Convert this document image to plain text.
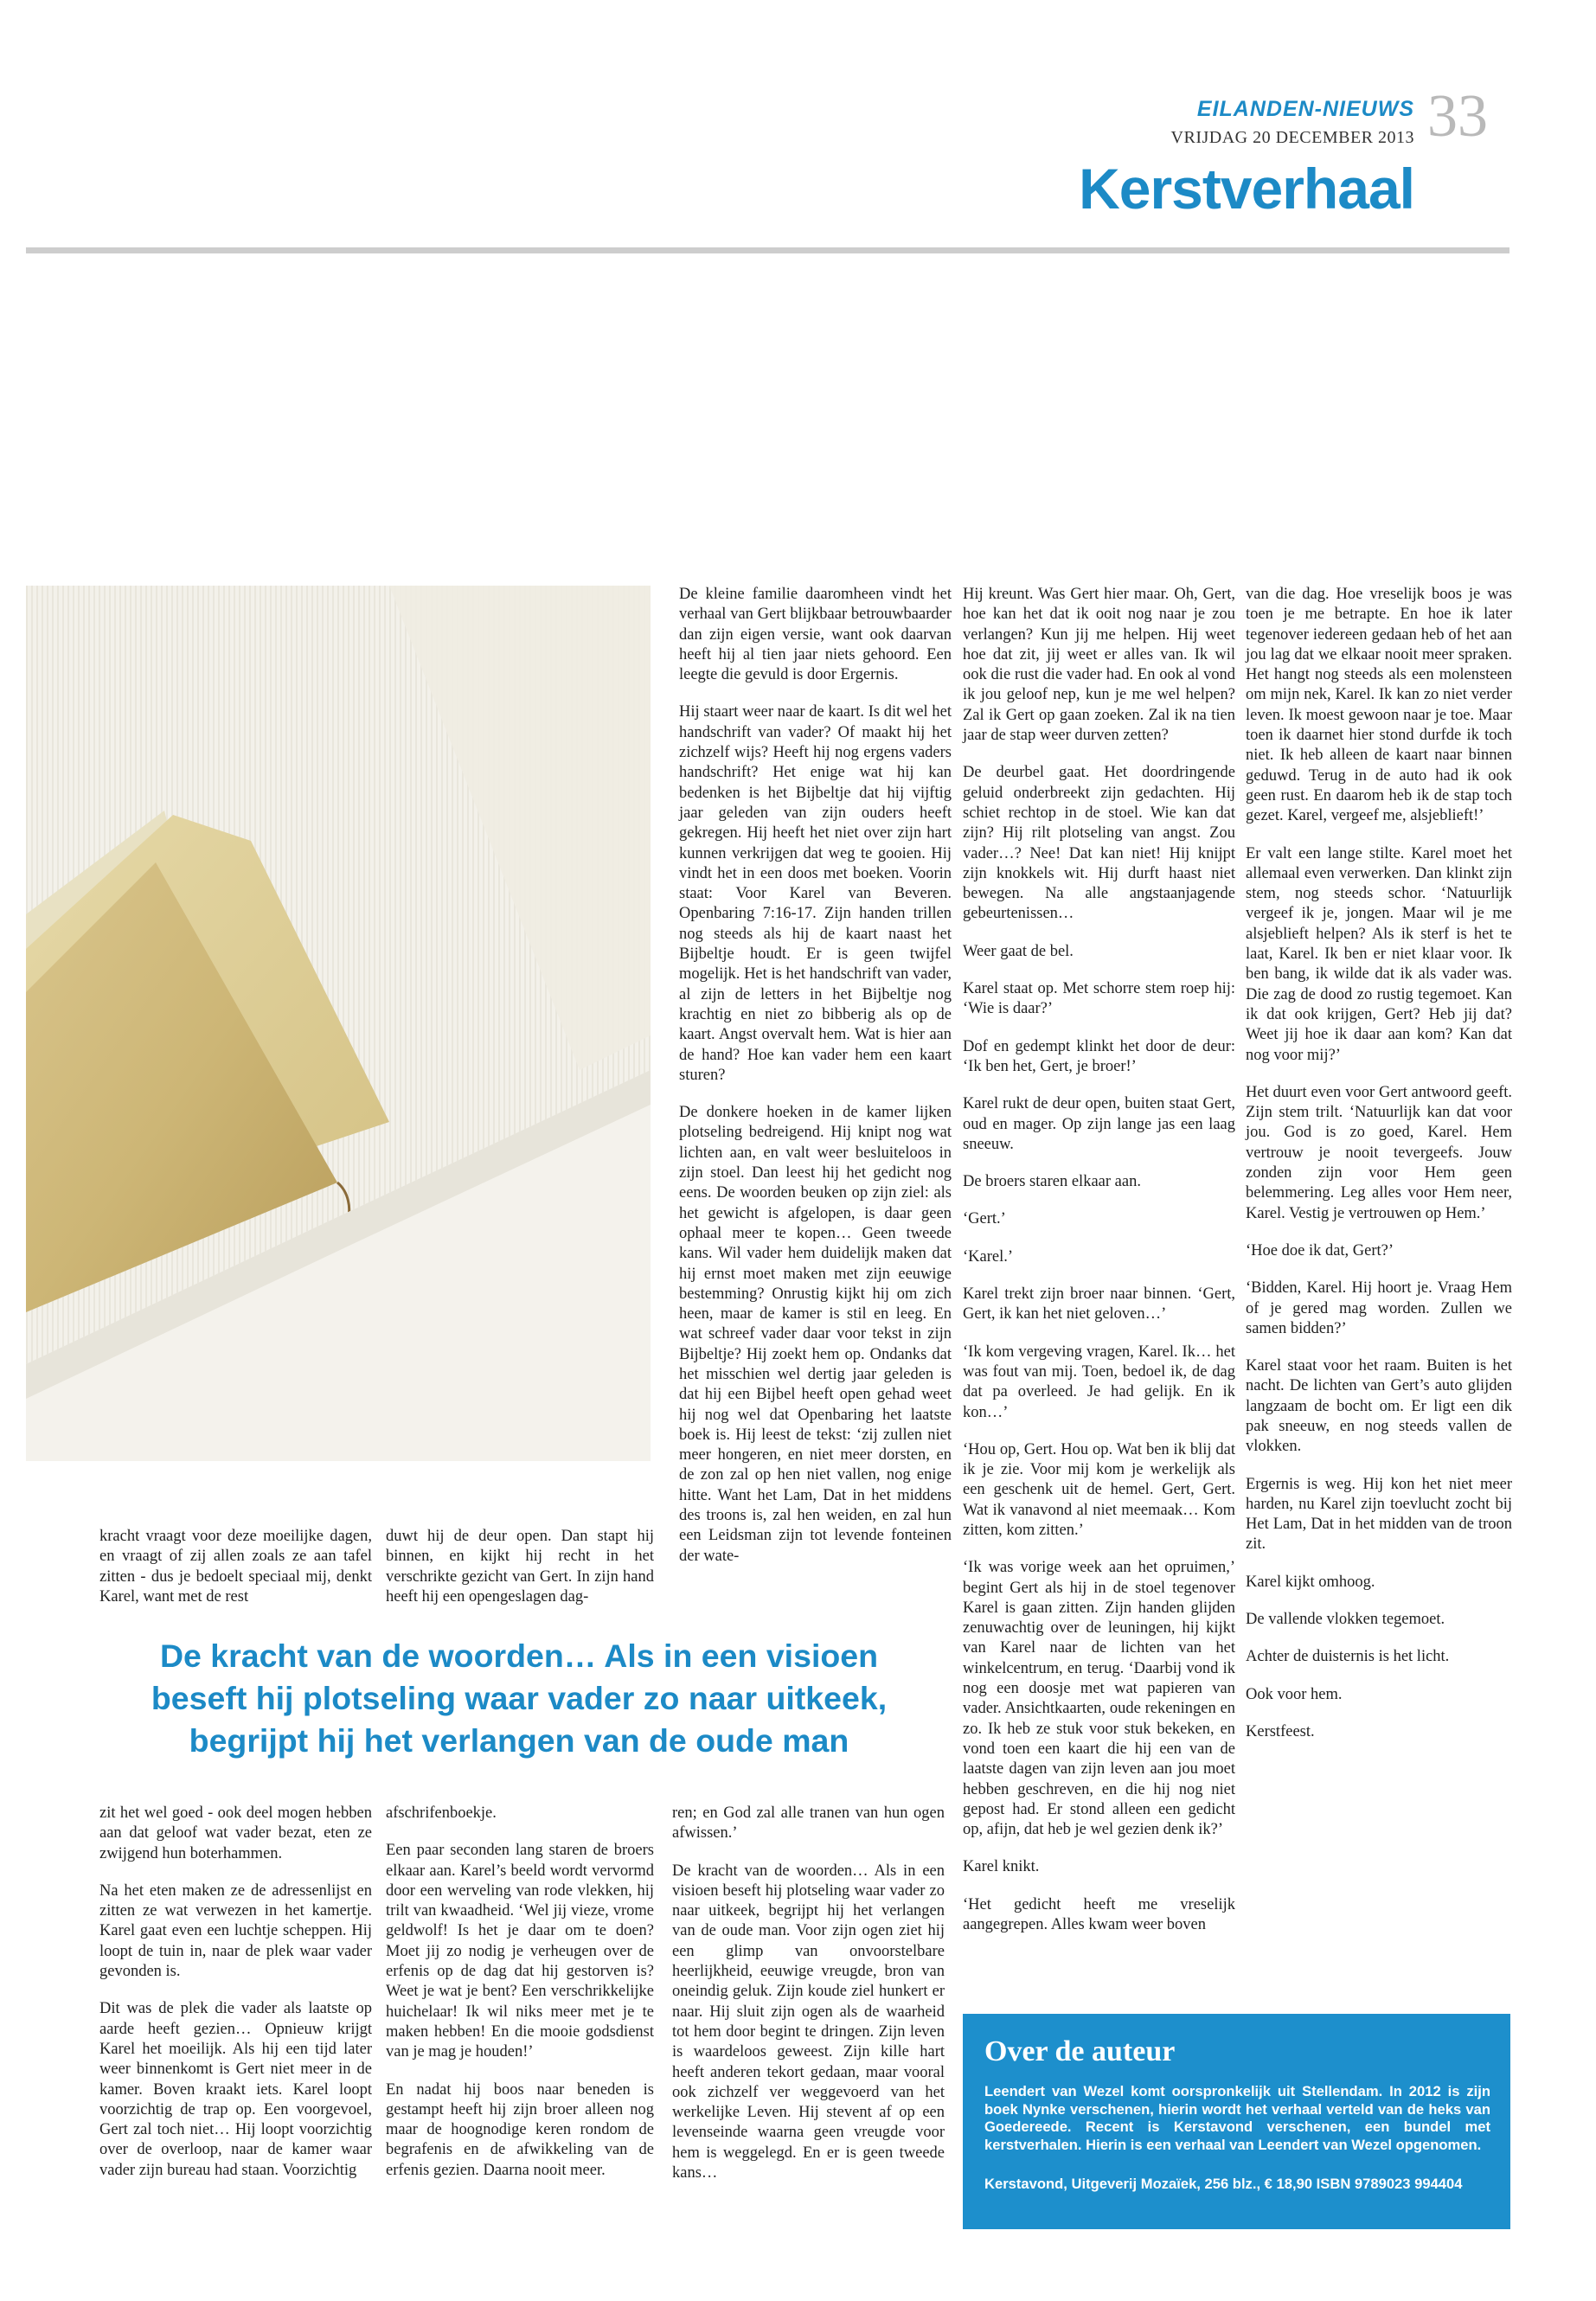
EILANDEN-NIEUWS
VRIJDAG 20 DECEMBER 2013 33
Kerstverhaal

De kleine familie daaromheen vindt het verhaal van Gert blijkbaar betrouwbaarder dan zijn eigen versie, want ook daarvan heeft hij al tien jaar niets gehoord. Een leegte die gevuld is door Ergernis.

Hij staart weer naar de kaart. Is dit wel het handschrift van vader? Of maakt hij het zichzelf wijs? Heeft hij nog ergens vaders handschrift? Het enige wat hij kan bedenken is het Bijbeltje dat hij vijftig jaar geleden van zijn ouders heeft gekregen. Hij heeft het niet over zijn hart kunnen verkrijgen dat weg te gooien. Hij vindt het in een doos met boeken. Voorin staat: Voor Karel van Beveren. Openbaring 7:16-17. Zijn handen trillen nog steeds als hij de kaart naast het Bijbeltje houdt. Er is geen twijfel mogelijk. Het is het handschrift van vader, al zijn de letters in het Bijbeltje nog krachtig en niet zo bibberig als op de kaart. Angst overvalt hem. Wat is hier aan de hand? Hoe kan vader hem een kaart sturen?

De donkere hoeken in de kamer lijken plotseling bedreigend. Hij knipt nog wat lichten aan, en valt weer besluiteloos in zijn stoel. Dan leest hij het gedicht nog eens. De woorden beuken op zijn ziel: als het gewicht is afgelopen, is daar geen ophaal meer te kopen… Geen tweede kans. Wil vader hem duidelijk maken dat hij ernst moet maken met zijn eeuwige bestemming? Onrustig kijkt hij om zich heen, maar de kamer is stil en leeg. En wat schreef vader daar voor tekst in zijn Bijbeltje? Hij zoekt hem op. Ondanks dat het misschien wel dertig jaar geleden is dat hij een Bijbel heeft open gehad weet hij nog wel dat Openbaring het laatste boek is. Hij leest de tekst: ‘zij zullen niet meer hongeren, en niet meer dorsten, en de zon zal op hen niet vallen, nog enige hitte. Want het Lam, Dat in het middens des troons is, zal hen weiden, en zal hun een Leidsman zijn tot levende fonteinen der wate-

Hij kreunt. Was Gert hier maar. Oh, Gert, hoe kan het dat ik ooit nog naar je zou verlangen? Kun jij me helpen. Hij weet hoe dat zit, jij weet er alles van. Ik wil ook die rust die vader had. En ook al vond ik jou geloof nep, kun je me wel helpen? Zal ik Gert op gaan zoeken. Zal ik na tien jaar de stap weer durven zetten?

De deurbel gaat. Het doordringende geluid onderbreekt zijn gedachten. Hij schiet rechtop in de stoel. Wie kan dat zijn? Hij rilt plotseling van angst. Zou vader…? Nee! Dat kan niet! Hij knijpt zijn knokkels wit. Hij durft haast niet bewegen. Na alle angstaanjagende gebeurtenissen…

Weer gaat de bel.

Karel staat op. Met schorre stem roep hij: ‘Wie is daar?’

Dof en gedempt klinkt het door de deur: ‘Ik ben het, Gert, je broer!’

Karel rukt de deur open, buiten staat Gert, oud en mager. Op zijn lange jas een laag sneeuw.

De broers staren elkaar aan.

‘Gert.’

‘Karel.’

Karel trekt zijn broer naar binnen. ‘Gert, Gert, ik kan het niet geloven…’

‘Ik kom vergeving vragen, Karel. Ik… het was fout van mij. Toen, bedoel ik, de dag dat pa overleed. Je had gelijk. En ik kon…’

‘Hou op, Gert. Hou op. Wat ben ik blij dat ik je zie. Voor mij kom je werkelijk als een geschenk uit de hemel. Gert, Gert. Wat ik vanavond al niet meemaak… Kom zitten, kom zitten.’

‘Ik was vorige week aan het opruimen,’ begint Gert als hij in de stoel tegenover Karel is gaan zitten. Zijn handen glijden zenuwachtig over de leuningen, hij kijkt van Karel naar de lichten van het winkelcentrum, en terug. ‘Daarbij vond ik nog een doosje met wat papieren van vader. Ansichtkaarten, oude rekeningen en zo. Ik heb ze stuk voor stuk bekeken, en vond toen een kaart die hij een van de laatste dagen van zijn leven aan jou moet hebben geschreven, en die hij nog niet gepost had. Er stond alleen een gedicht op, afijn, dat heb je wel gezien denk ik?’

Karel knikt.

‘Het gedicht heeft me vreselijk aangegrepen. Alles kwam weer boven

van die dag. Hoe vreselijk boos je was toen je me betrapte. En hoe ik later tegenover iedereen gedaan heb of het aan jou lag dat we elkaar nooit meer spraken. Het hangt nog steeds als een molensteen om mijn nek, Karel. Ik kan zo niet verder leven. Ik moest gewoon naar je toe. Maar toen ik daarnet hier stond durfde ik toch niet. Ik heb alleen de kaart naar binnen geduwd. Terug in de auto had ik ook geen rust. En daarom heb ik de stap toch gezet. Karel, vergeef me, alsjeblieft!’

Er valt een lange stilte. Karel moet het allemaal even verwerken. Dan klinkt zijn stem, nog steeds schor. ‘Natuurlijk vergeef ik je, jongen. Maar wil je me alsjeblieft helpen? Als ik sterf is het te laat, Karel. Ik ben er niet klaar voor. Ik ben bang, ik wilde dat ik als vader was. Die zag de dood zo rustig tegemoet. Kan ik dat ook krijgen, Gert? Heb jij dat? Weet jij hoe ik daar aan kom? Kan dat nog voor mij?’

Het duurt even voor Gert antwoord geeft. Zijn stem trilt. ‘Natuurlijk kan dat voor jou. God is zo goed, Karel. Hem vertrouw je nooit tevergeefs. Jouw zonden zijn voor Hem geen belemmering. Leg alles voor Hem neer, Karel. Vestig je vertrouwen op Hem.’

‘Hoe doe ik dat, Gert?’

‘Bidden, Karel. Hij hoort je. Vraag Hem of je gered mag worden. Zullen we samen bidden?’

Karel staat voor het raam. Buiten is het nacht. De lichten van Gert’s auto glijden langzaam de bocht om. Er ligt een dik pak sneeuw, en nog steeds vallen de vlokken.

Ergernis is weg. Hij kon het niet meer harden, nu Karel zijn toevlucht zocht bij Het Lam, Dat in het midden van de troon zit.

Karel kijkt omhoog.

De vallende vlokken tegemoet.

Achter de duisternis is het licht.

Ook voor hem.

Kerstfeest.

kracht vraagt voor deze moeilijke dagen, en vraagt of zij allen zoals ze aan tafel zitten - dus je bedoelt speciaal mij, denkt Karel, want met de rest

duwt hij de deur open. Dan stapt hij binnen, en kijkt hij recht in het verschrikte gezicht van Gert. In zijn hand heeft hij een opengeslagen dag-

De kracht van de woorden… Als in een visioen
beseft hij plotseling waar vader zo naar uitkeek,
begrijpt hij het verlangen van de oude man

zit het wel goed - ook deel mogen hebben aan dat geloof wat vader bezat, eten ze zwijgend hun boterhammen.

Na het eten maken ze de adressenlijst en zitten ze wat verwezen in het kamertje. Karel gaat even een luchtje scheppen. Hij loopt de tuin in, naar de plek waar vader gevonden is.

Dit was de plek die vader als laatste op aarde heeft gezien… Opnieuw krijgt Karel het moeilijk. Als hij een tijd later weer binnenkomt is Gert niet meer in de kamer. Boven kraakt iets. Karel loopt voorzichtig de trap op. Een voorgevoel, Gert zal toch niet… Hij loopt voorzichtig over de overloop, naar de kamer waar vader zijn bureau had staan. Voorzichtig

afschrifenboekje.

Een paar seconden lang staren de broers elkaar aan. Karel’s beeld wordt vervormd door een werveling van rode vlekken, hij trilt van kwaadheid. ‘Wel jij vieze, vrome geldwolf! Is het je daar om te doen? Moet jij zo nodig je verheugen over de erfenis op de dag dat hij gestorven is? Weet je wat je bent? Een verschrikkelijke huichelaar! Ik wil niks meer met je te maken hebben! En die mooie godsdienst van je mag je houden!’

En nadat hij boos naar beneden is gestampt heeft hij zijn broer alleen nog maar de hoognodige keren rondom de begrafenis en de afwikkeling van de erfenis gezien. Daarna nooit meer.

ren; en God zal alle tranen van hun ogen afwissen.’

De kracht van de woorden… Als in een visioen beseft hij plotseling waar vader zo naar uitkeek, begrijpt hij het verlangen van de oude man. Voor zijn ogen ziet hij een glimp van onvoorstelbare heerlijkheid, eeuwige vreugde, bron van oneindig geluk. Zijn koude ziel hunkert er naar. Hij sluit zijn ogen als de waarheid tot hem door begint te dringen. Zijn leven is waardeloos geweest. Zijn kille hart heeft anderen tekort gedaan, maar vooral ook zichzelf ver weggevoerd van het werkelijke Leven. Hij stevent af op een levenseinde waarna geen vreugde voor hem is weggelegd. En er is geen tweede kans…

Over de auteur
Leendert van Wezel komt oorspronkelijk uit Stellendam. In 2012 is zijn boek Nynke verschenen, hierin wordt het verhaal verteld van de heks van Goedereede. Recent is Kerstavond verschenen, een bundel met kerstverhalen. Hierin is een verhaal van Leendert van Wezel opgenomen.
Kerstavond, Uitgeverij Mozaïek, 256 blz., € 18,90 ISBN 9789023 994404
